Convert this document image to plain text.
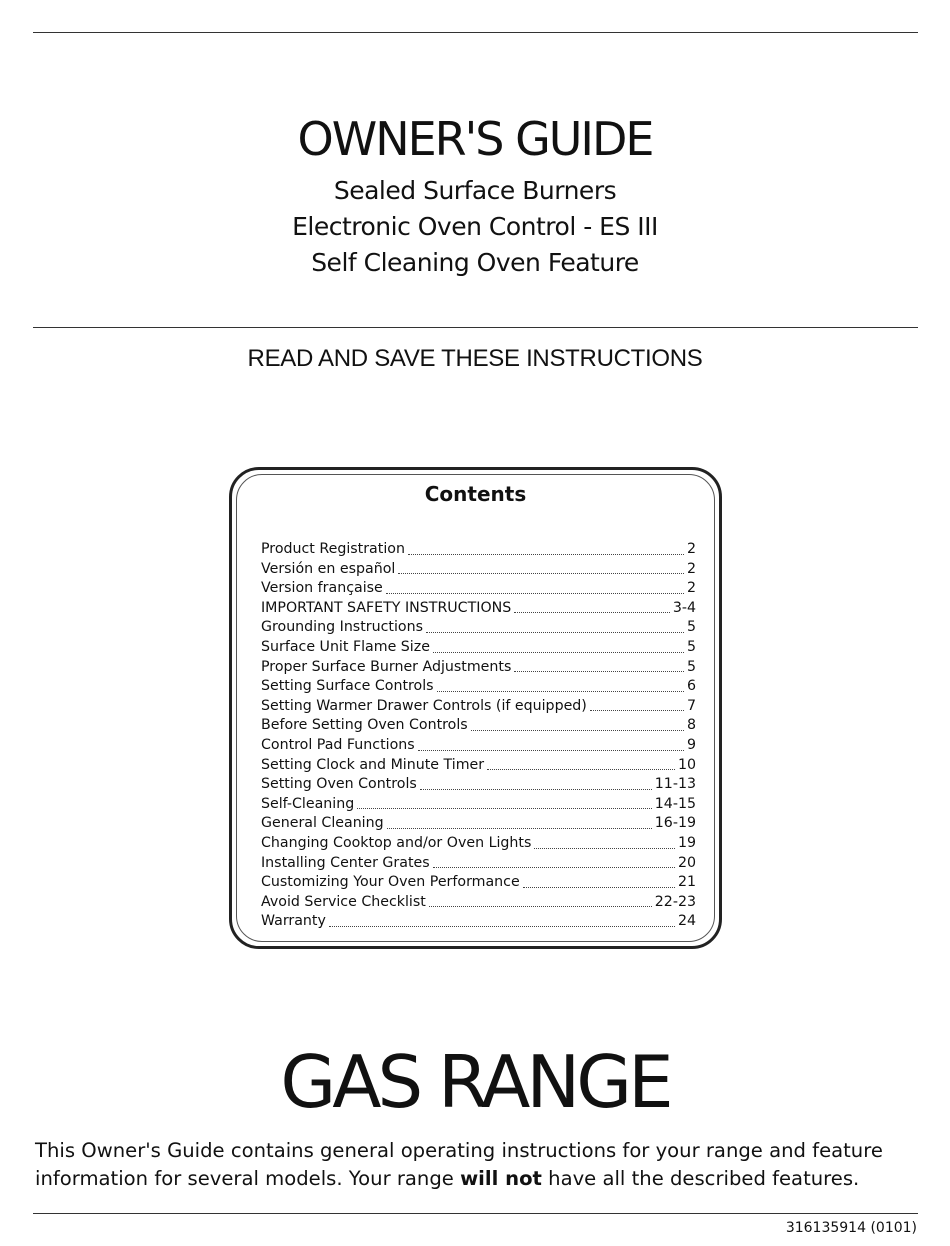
OWNER'S GUIDE
Sealed Surface Burners
Electronic Oven Control - ES III
Self Cleaning Oven Feature
READ AND SAVE THESE INSTRUCTIONS
Contents
Product Registration	2
Versión en español	2
Version française	2
IMPORTANT SAFETY INSTRUCTIONS	3-4
Grounding Instructions	5
Surface Unit Flame Size	5
Proper Surface Burner Adjustments	5
Setting Surface Controls	6
Setting Warmer Drawer Controls (if equipped)	7
Before Setting Oven Controls	8
Control Pad Functions	9
Setting Clock and Minute Timer	10
Setting Oven Controls	11-13
Self-Cleaning	14-15
General Cleaning	16-19
Changing Cooktop and/or Oven Lights	19
Installing Center Grates	20
Customizing Your Oven Performance	21
Avoid Service Checklist	22-23
Warranty	24
GAS RANGE
This Owner's Guide contains general operating instructions for your range and feature information for several models. Your range will not have all the described features.
316135914 (0101)
